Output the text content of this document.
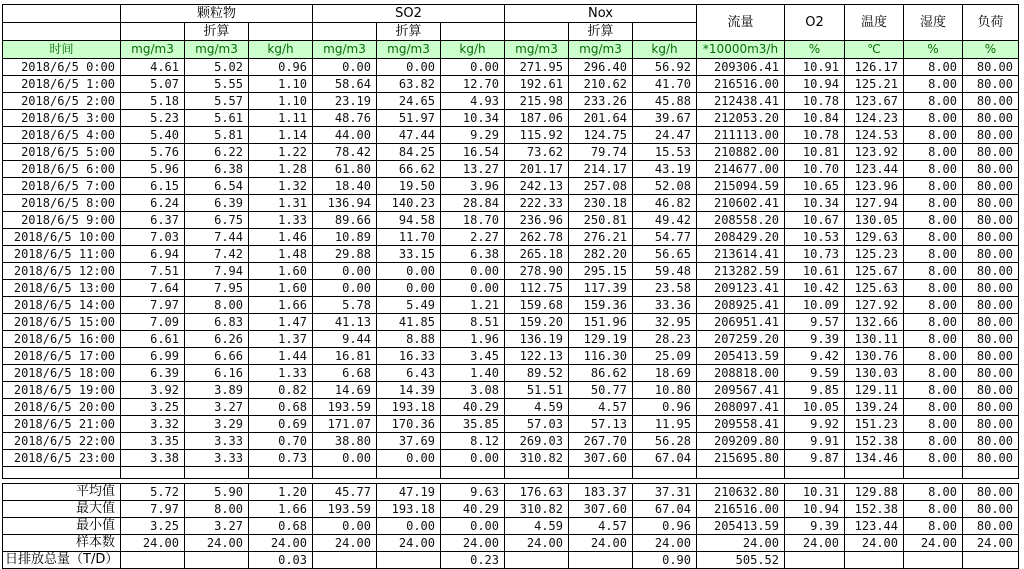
	颗粒物			SO2			Nox			流量	O2	温度	湿度	负荷
		折算			折算			折算						
时间	mg/m3	mg/m3	kg/h	mg/m3	mg/m3	kg/h	mg/m3	mg/m3	kg/h	*10000m3/h	%	℃	%	%
2018/6/5 0:00	4.61	5.02	0.96	0.00	0.00	0.00	271.95	296.40	56.92	209306.41	10.91	126.17	8.00	80.00
2018/6/5 1:00	5.07	5.55	1.10	58.64	63.82	12.70	192.61	210.62	41.70	216516.00	10.94	125.21	8.00	80.00
2018/6/5 2:00	5.18	5.57	1.10	23.19	24.65	4.93	215.98	233.26	45.88	212438.41	10.78	123.67	8.00	80.00
2018/6/5 3:00	5.23	5.61	1.11	48.76	51.97	10.34	187.06	201.64	39.67	212053.20	10.84	124.23	8.00	80.00
2018/6/5 4:00	5.40	5.81	1.14	44.00	47.44	9.29	115.92	124.75	24.47	211113.00	10.78	124.53	8.00	80.00
2018/6/5 5:00	5.76	6.22	1.22	78.42	84.25	16.54	73.62	79.74	15.53	210882.00	10.81	123.92	8.00	80.00
2018/6/5 6:00	5.96	6.38	1.28	61.80	66.62	13.27	201.17	214.17	43.19	214677.00	10.70	123.44	8.00	80.00
2018/6/5 7:00	6.15	6.54	1.32	18.40	19.50	3.96	242.13	257.08	52.08	215094.59	10.65	123.96	8.00	80.00
2018/6/5 8:00	6.24	6.39	1.31	136.94	140.23	28.84	222.33	230.18	46.82	210602.41	10.34	127.94	8.00	80.00
2018/6/5 9:00	6.37	6.75	1.33	89.66	94.58	18.70	236.96	250.81	49.42	208558.20	10.67	130.05	8.00	80.00
2018/6/5 10:00	7.03	7.44	1.46	10.89	11.70	2.27	262.78	276.21	54.77	208429.20	10.53	129.63	8.00	80.00
2018/6/5 11:00	6.94	7.42	1.48	29.88	33.15	6.38	265.18	282.20	56.65	213614.41	10.73	125.23	8.00	80.00
2018/6/5 12:00	7.51	7.94	1.60	0.00	0.00	0.00	278.90	295.15	59.48	213282.59	10.61	125.67	8.00	80.00
2018/6/5 13:00	7.64	7.95	1.60	0.00	0.00	0.00	112.75	117.39	23.58	209123.41	10.42	125.63	8.00	80.00
2018/6/5 14:00	7.97	8.00	1.66	5.78	5.49	1.21	159.68	159.36	33.36	208925.41	10.09	127.92	8.00	80.00
2018/6/5 15:00	7.09	6.83	1.47	41.13	41.85	8.51	159.20	151.96	32.95	206951.41	9.57	132.66	8.00	80.00
2018/6/5 16:00	6.61	6.26	1.37	9.44	8.88	1.96	136.19	129.19	28.23	207259.20	9.39	130.11	8.00	80.00
2018/6/5 17:00	6.99	6.66	1.44	16.81	16.33	3.45	122.13	116.30	25.09	205413.59	9.42	130.76	8.00	80.00
2018/6/5 18:00	6.39	6.16	1.33	6.68	6.43	1.40	89.52	86.62	18.69	208818.00	9.59	130.03	8.00	80.00
2018/6/5 19:00	3.92	3.89	0.82	14.69	14.39	3.08	51.51	50.77	10.80	209567.41	9.85	129.11	8.00	80.00
2018/6/5 20:00	3.25	3.27	0.68	193.59	193.18	40.29	4.59	4.57	0.96	208097.41	10.05	139.24	8.00	80.00
2018/6/5 21:00	3.32	3.29	0.69	171.07	170.36	35.85	57.03	57.13	11.95	209558.41	9.92	151.23	8.00	80.00
2018/6/5 22:00	3.35	3.33	0.70	38.80	37.69	8.12	269.03	267.70	56.28	209209.80	9.91	152.38	8.00	80.00
2018/6/5 23:00	3.38	3.33	0.73	0.00	0.00	0.00	310.82	307.60	67.04	215695.80	9.87	134.46	8.00	80.00

平均值	5.72	5.90	1.20	45.77	47.19	9.63	176.63	183.37	37.31	210632.80	10.31	129.88	8.00	80.00
最大值	7.97	8.00	1.66	193.59	193.18	40.29	310.82	307.60	67.04	216516.00	10.94	152.38	8.00	80.00
最小值	3.25	3.27	0.68	0.00	0.00	0.00	4.59	4.57	0.96	205413.59	9.39	123.44	8.00	80.00
样本数	24.00	24.00	24.00	24.00	24.00	24.00	24.00	24.00	24.00	24.00	24.00	24.00	24.00	24.00
日排放总量（T/D）			0.03			0.23			0.90	505.52				
